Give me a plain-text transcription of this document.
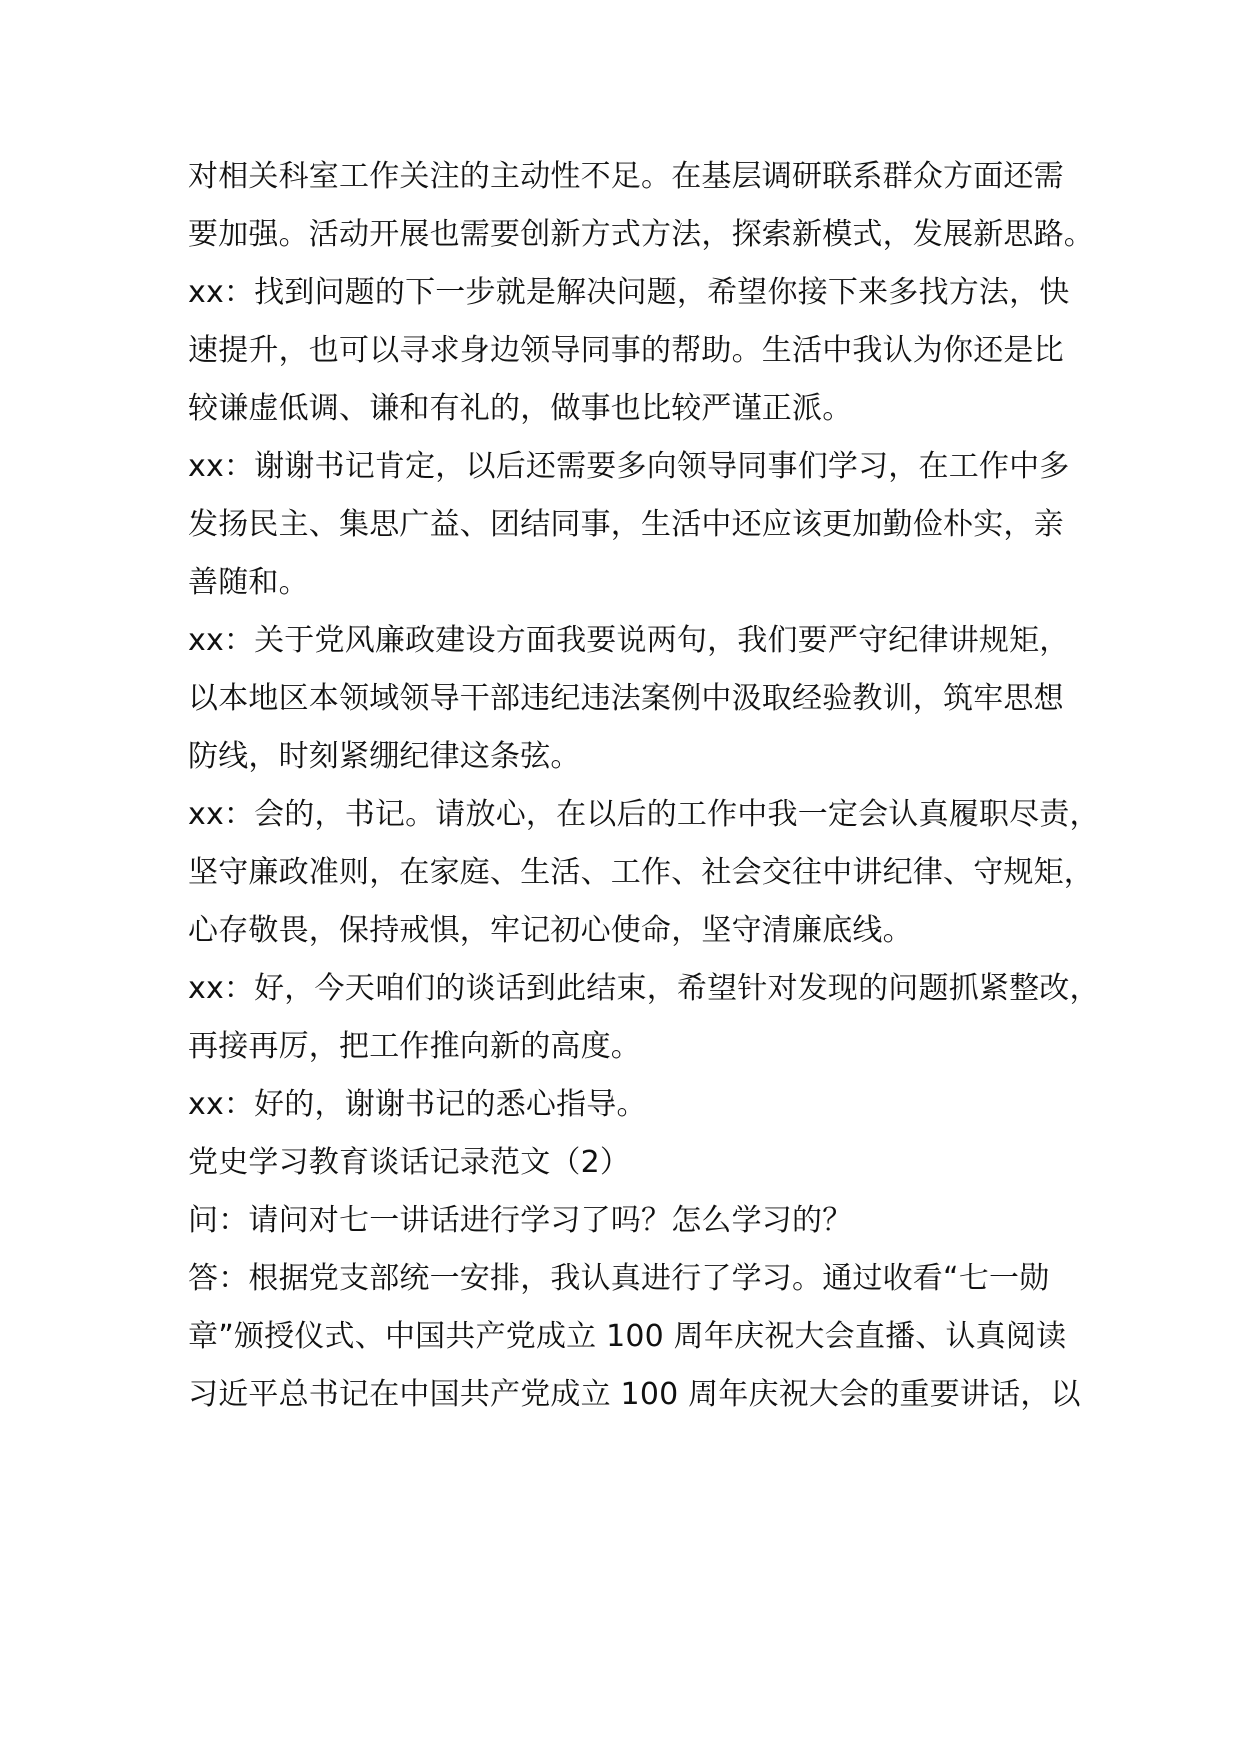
对相关科室工作关注的主动性不足。在基层调研联系群众方面还需
要加强。活动开展也需要创新方式方法，探索新模式，发展新思路。
xx：找到问题的下一步就是解决问题，希望你接下来多找方法，快
速提升，也可以寻求身边领导同事的帮助。生活中我认为你还是比
较谦虚低调、谦和有礼的，做事也比较严谨正派。
xx：谢谢书记肯定，以后还需要多向领导同事们学习，在工作中多
发扬民主、集思广益、团结同事，生活中还应该更加勤俭朴实，亲
善随和。
xx：关于党风廉政建设方面我要说两句，我们要严守纪律讲规矩，
以本地区本领域领导干部违纪违法案例中汲取经验教训，筑牢思想
防线，时刻紧绷纪律这条弦。
xx：会的，书记。请放心，在以后的工作中我一定会认真履职尽责，
坚守廉政准则，在家庭、生活、工作、社会交往中讲纪律、守规矩，
心存敬畏，保持戒惧，牢记初心使命，坚守清廉底线。
xx：好，今天咱们的谈话到此结束，希望针对发现的问题抓紧整改，
再接再厉，把工作推向新的高度。
xx：好的，谢谢书记的悉心指导。
党史学习教育谈话记录范文（2）
问：请问对七一讲话进行学习了吗？怎么学习的？
答：根据党支部统一安排，我认真进行了学习。通过收看“七一勋
章”颁授仪式、中国共产党成立 100 周年庆祝大会直播、认真阅读
习近平总书记在中国共产党成立 100 周年庆祝大会的重要讲话，以
